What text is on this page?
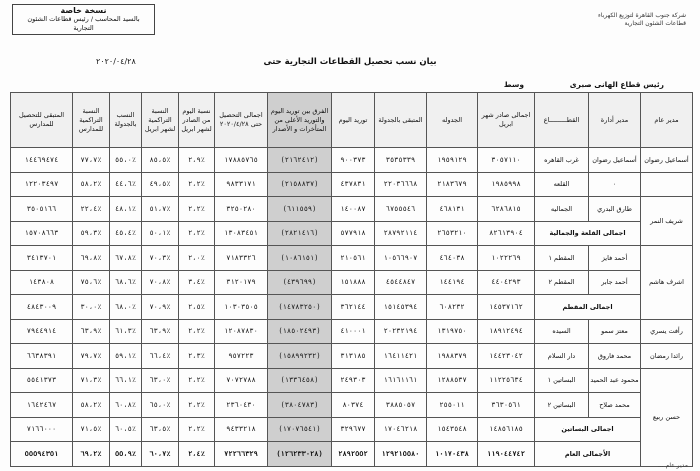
نسخة خاصة
بالسيد المحاسب / رئيس قطاعات الشئون
التجارية
شركة جنوب القاهرة لتوزيع الكهرباء
قطاعات الشئون التجارية
بيان نسب تحصيل القطاعات التجارية حتى
٢٠٢٠/٠٤/٢٨
رئيس قطاع الهانى صبرى
وسط
مدير عام	مدير أدارة	القطـــــــــاع	اجمالى صادر شهر ابريل	الجدوله	المتبقى بالجدولة	توريد اليوم	الفرق بين توريد اليوم والتوريد الأعلى من المتأخرات و الأصدار	اجمالى التحصيل حتى ٢٠٢٠/٤/٢٨	نسبة اليوم من الصادر لشهر ابريل	النسبة التراكمية لشهر ابريل	النسب بالجدولة	النسبة التراكمية للمدارس	المتبقى للتحصيل للمدارس
أسماعيل رضوان	أسماعيل رضوان	غرب القاهره	٣٠٥٧١١٠	١٩٥٩١٢٩	٣٥٣٥٣٣٩	٩٠٠٣٧٣	(٢١٦٢٤١٢)	١٧٨٨٥٧٦٥	٪٢،٩	٪٨٥،٥	٪٥٥،٠	٪٧٧،٧	١٤٤٦٩٤٧٤
	٠	القلعه	١٩٨٥٩٩٨	٢١٨٣٦٧٩	٢٢٠٣٦٦٦٨	٤٣٧٨٣١	(٢١٥٨٨٣٧)	٩٨٣٣١٧١	٪٢،٢	٪٤٩،٥	٪٤٤،٦	٪٥٨،٢	١٢٢٠٣٤٩٧
شريف النمر	طارق البدري	الجماليه	٦٢٨٦٨١٥	٤٦٨١٣١	٦٧٥٥٥٤٦	١٤٠٠٨٧	(٦١١٥٥٩)	٣٢٥٠٢٨٠	٪٢،٢	٪٥١،٧	٪٤٨،١	٪٢٢،٤	٣٥٠٥١٦٦
	اجمالى القلعة والجمالية		٨٢٦١٣٩٠٤	٢٦٥٣٢١٠	٢٨٧٩٢١١٤	٥٧٧٩١٨	(٢٨٢١٤١٦)	١٣٠٨٣٤٥١	٪٢،٢	٪٥٠،١	٪٤٥،٤	٪٥٩،٣	١٥٧٠٨٦٦٣
اشرف هاشم	أحمد فايز	المقطم ١	١٠٢٢٢٦٩	٤٦٤٠٣٨	١٠٥٦٦٩٠٧	٢١٠٥٦١	(١٠٨٦١٥١)	٧١٨٣٣٢٦	٪٢،٠	٪٧٠،٣	٪٦٧،٨	٪٦٩،٨	٣٤١٣٧٠١
	أحمد جابر	المقطم ٢	٤٤٠٤٢٩٣	١٤٤١٩٤	٤٥٤٤٨٤٧	١٥١٨٨٨	(٤٣٩٦٩٩)	٣١٢٠١٧٩	٪٣،٤	٪٧٠،٨	٪٦٨،٦	٪٧٥،٦	١٤٣٨٠٨
	اجمالى المقطم		١٤٥٣٧١٦٢	٦٠٨٢٣٢	١٥١٤٥٣٩٤	٣٦٢١٤٤	(١٤٧٨٣٢٥٠)	١٠٣٠٣٥٠٥	٪٢،٥	٪٧٠،٩	٪٦٨،٠	٪٣٠،٠	٤٨٤٣٠٠٩
رأفت يسري	معتز سمو	السيده	١٨٩١٢٤٩٤	١٣١٩٧٥٠	٢٠٢٣٢١٩٤	٤١٠٠٠١	(١٨٥٠٢٤٩٣)	١٢٠٨٧٨٣٠	٪٢،٢	٪٦٣،٩	٪٦١،٣	٪٦٣،٩	٧٩٤٤٩١٤
رائدا رمضان	محمد فاروق	دار السلام	١٤٤٢٣٠٤٢	١٩٨٨٣٧٩	١٦٤١١٤٢١	٣١٣١٨٥	(١٥٨٩٩٢٣٢)	٩٥٧٢٢٣	٪٢،٣	٪٦٦،٤	٪٥٩،١	٪٧٩،٧	٦٦٣٨٣٩١
حسن ربيع	محمود عبد الحميد	البساتين ١	١١٢٢٥٦٣٤	١٢٨٨٥٣٧	١٦١٦١١٦١	٢٤٩٣٠٣	(١٣٣٦٤٥٨)	٧٠٧٢٧٨٨	٪٢،٢	٪٦٣،٠	٪٦٦،١	٪٧١،٣	٥٥٤١٣٧٣
	محمد صلاح	البساتين ٢	٣٦٣٠٥٦١	٢٥٥٠١١	٣٨٨٥٠٥٧	٨٠٣٧٤	(٣٨٠٤٧٨٣)	٢٣٦٠٤٣٠	٪٢،٢	٪٦٥،٠	٪٦٠،٨	٪٥٨،٢	١٦٤٢٤٦٧
	اجمالى البساتين		١٤٨٥٦١٨٥	١٥٤٣٥٤٨	١٧٠٤٦٢١٨	٣٢٩٦٧٧	(١٧٠٧٦٥٤١)	٩٤٣٣٢١٨	٪٢،٢	٪٦٣،٥	٪٦٠،٥	٪٧١،٥	٧١٦٦٠٠٠
	الأجمالى العام		١١٩٠٤٤٧٤٢	١٠١٧٠٤٣٨	١٢٩٢١٥٥٨٠	٢٨٩٢٥٥٢	(١٢٦٢٣٣٠٢٨)	٧٢٢٦٦٣٢٩	٪٢،٤	٪٦٠،٧	٪٥٥،٩	٪٦٩،٢	٥٥٥٩٤٣٥١
مدير عام ...
